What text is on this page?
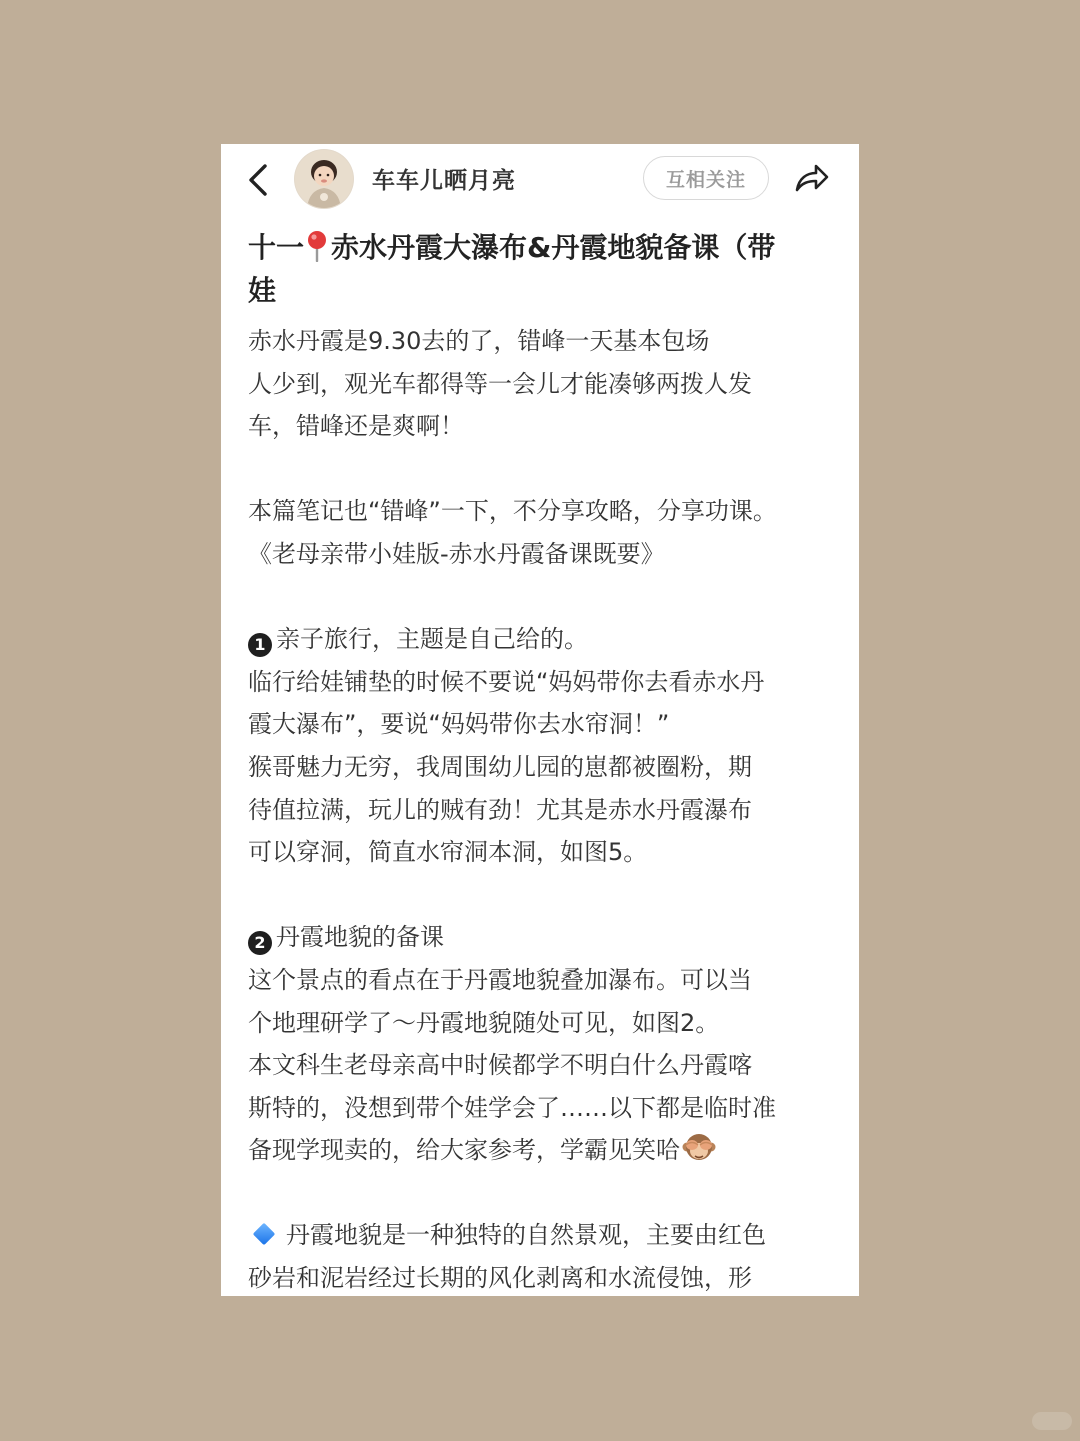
车车儿晒月亮	互相关注
十一 赤水丹霞大瀑布&丹霞地貌备课（带
娃
赤水丹霞是9.30去的了，错峰一天基本包场
人少到，观光车都得等一会儿才能凑够两拨人发
车，错峰还是爽啊！
本篇笔记也“错峰”一下，不分享攻略，分享功课。
《老母亲带小娃版-赤水丹霞备课既要》
1 亲子旅行，主题是自己给的。
临行给娃铺垫的时候不要说“妈妈带你去看赤水丹
霞大瀑布”，要说“妈妈带你去水帘洞！”
猴哥魅力无穷，我周围幼儿园的崽都被圈粉，期
待值拉满，玩儿的贼有劲！尤其是赤水丹霞瀑布
可以穿洞，简直水帘洞本洞，如图5。
2 丹霞地貌的备课
这个景点的看点在于丹霞地貌叠加瀑布。可以当
个地理研学了～丹霞地貌随处可见，如图2。
本文科生老母亲高中时候都学不明白什么丹霞喀
斯特的，没想到带个娃学会了……以下都是临时准
备现学现卖的，给大家参考，学霸见笑哈
丹霞地貌是一种独特的自然景观，主要由红色
砂岩和泥岩经过长期的风化剥离和水流侵蚀，形
